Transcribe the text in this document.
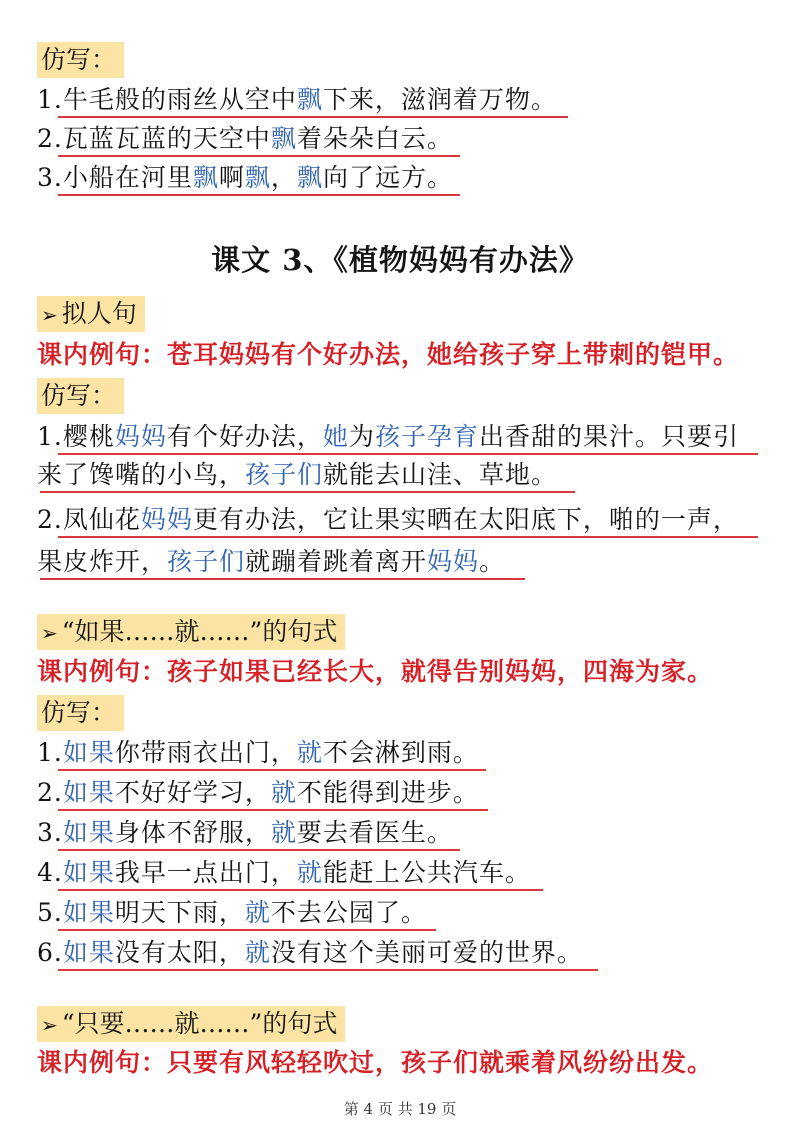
仿写：
1.牛毛般的雨丝从空中飘下来，滋润着万物。
2.瓦蓝瓦蓝的天空中飘着朵朵白云。
3.小船在河里飘啊飘，飘向了远方。
课文 3、《植物妈妈有办法》
➢ 拟人句
课内例句：苍耳妈妈有个好办法，她给孩子穿上带刺的铠甲。
仿写：
1.樱桃妈妈有个好办法，她为孩子孕育出香甜的果汁。只要引
来了馋嘴的小鸟，孩子们就能去山洼、草地。
2.凤仙花妈妈更有办法，它让果实晒在太阳底下，啪的一声，
果皮炸开，孩子们就蹦着跳着离开妈妈。
➢ “如果……就……”的句式
课内例句：孩子如果已经长大，就得告别妈妈，四海为家。
仿写：
1.如果你带雨衣出门，就不会淋到雨。
2.如果不好好学习，就不能得到进步。
3.如果身体不舒服，就要去看医生。
4.如果我早一点出门，就能赶上公共汽车。
5.如果明天下雨，就不去公园了。
6.如果没有太阳，就没有这个美丽可爱的世界。
➢ “只要……就……”的句式
课内例句：只要有风轻轻吹过，孩子们就乘着风纷纷出发。
第 4 页 共 19 页
